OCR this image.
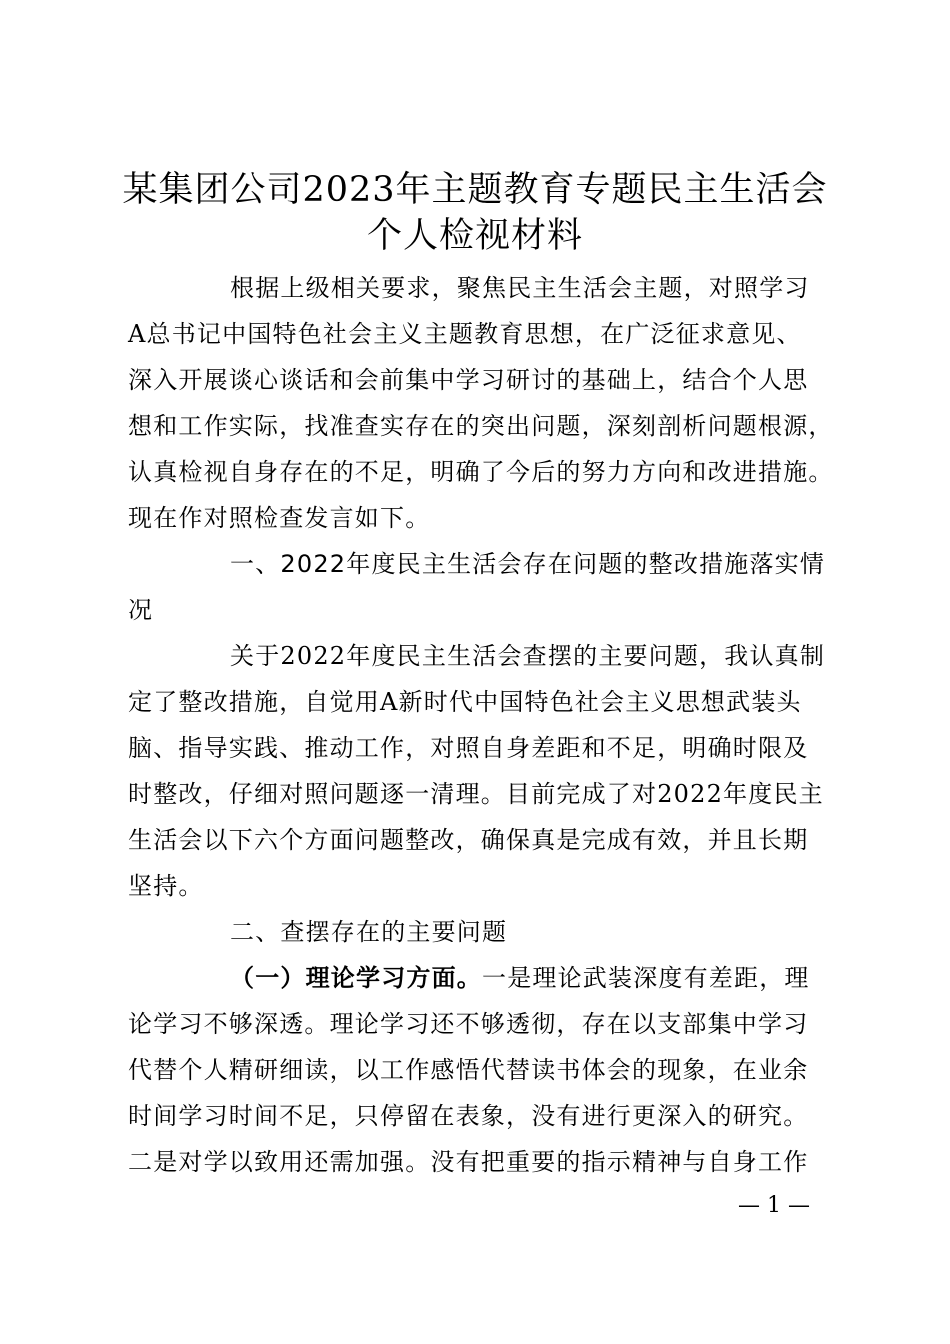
某集团公司2023年主题教育专题民主生活会
个人检视材料
根据上级相关要求，聚焦民主生活会主题，对照学习
A总书记中国特色社会主义主题教育思想，在广泛征求意见、
深入开展谈心谈话和会前集中学习研讨的基础上，结合个人思
想和工作实际，找准查实存在的突出问题，深刻剖析问题根源，
认真检视自身存在的不足，明确了今后的努力方向和改进措施。
现在作对照检查发言如下。
一、2022年度民主生活会存在问题的整改措施落实情
况
关于2022年度民主生活会查摆的主要问题，我认真制
定了整改措施，自觉用A新时代中国特色社会主义思想武装头
脑、指导实践、推动工作，对照自身差距和不足，明确时限及
时整改，仔细对照问题逐一清理。目前完成了对2022年度民主
生活会以下六个方面问题整改，确保真是完成有效，并且长期
坚持。
二、查摆存在的主要问题
（一）理论学习方面。一是理论武装深度有差距，理
论学习不够深透。理论学习还不够透彻，存在以支部集中学习
代替个人精研细读，以工作感悟代替读书体会的现象，在业余
时间学习时间不足，只停留在表象，没有进行更深入的研究。
二是对学以致用还需加强。没有把重要的指示精神与自身工作
— 1 —
